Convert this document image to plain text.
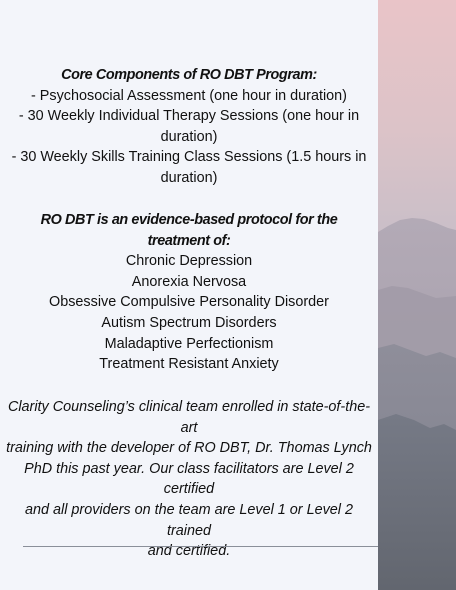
Core Components of RO DBT Program:
- Psychosocial Assessment (one hour in duration)
- 30 Weekly Individual Therapy Sessions (one hour in
duration)
- 30 Weekly Skills Training Class Sessions (1.5 hours in
duration)
RO DBT is an evidence-based protocol for the
treatment of:
Chronic Depression
Anorexia Nervosa
Obsessive Compulsive Personality Disorder
Autism Spectrum Disorders
Maladaptive Perfectionism
Treatment Resistant Anxiety
Clarity Counseling’s clinical team enrolled in state-of-the-art
training with the developer of RO DBT, Dr. Thomas Lynch
PhD this past year. Our class facilitators are Level 2 certified
and all providers on the team are Level 1 or Level 2 trained
and certified.
